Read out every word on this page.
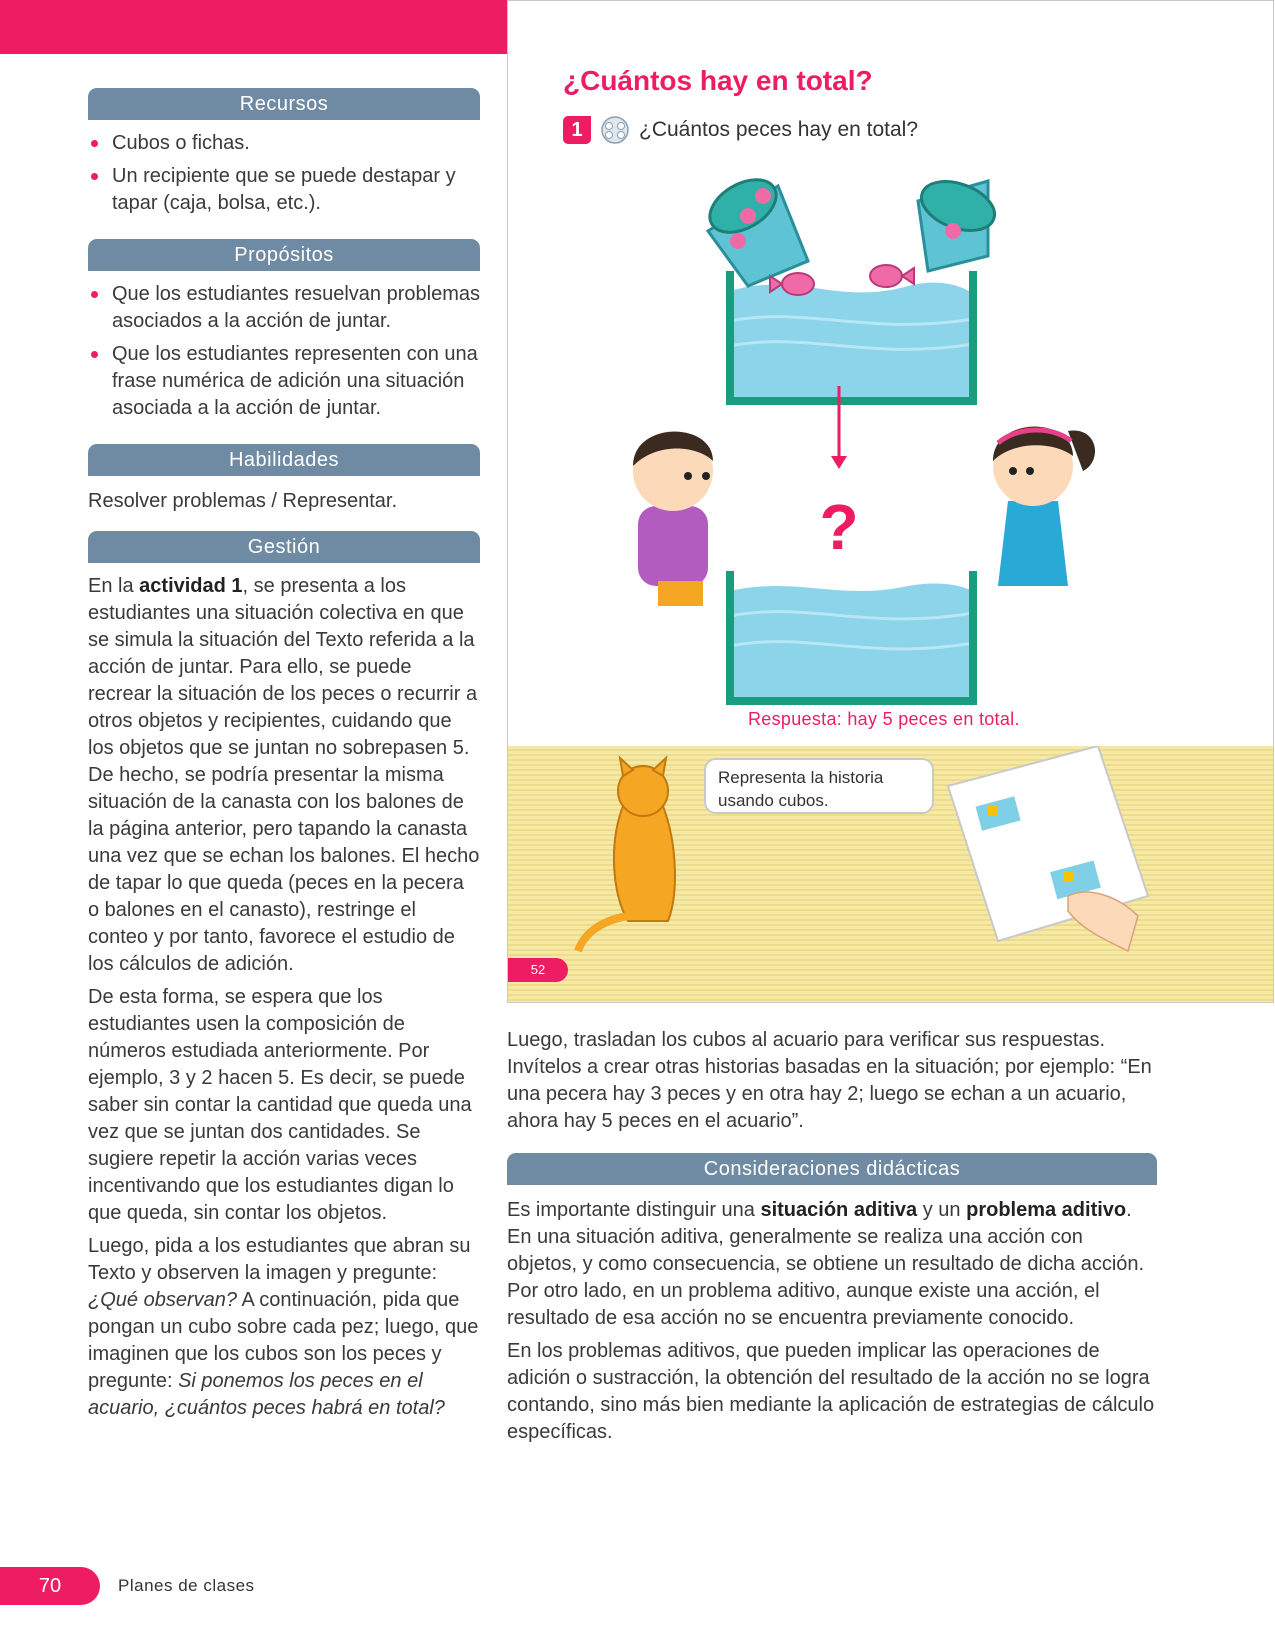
Recursos
Cubos o fichas.
Un recipiente que se puede destapar y tapar (caja, bolsa, etc.).
Propósitos
Que los estudiantes resuelvan problemas asociados a la acción de juntar.
Que los estudiantes representen con una frase numérica de adición una situación asociada a la acción de juntar.
Habilidades

Resolver problemas / Representar.

Gestión

En la actividad 1, se presenta a los estudiantes una situación colectiva en que se simula la situación del Texto referida a la acción de juntar. Para ello, se puede recrear la situación de los peces o recurrir a otros objetos y recipientes, cuidando que los objetos que se juntan no sobrepasen 5. De hecho, se podría presentar la misma situación de la canasta con los balones de la página anterior, pero tapando la canasta una vez que se echan los balones. El hecho de tapar lo que queda (peces en la pecera o balones en el canasto), restringe el conteo y por tanto, favorece el estudio de los cálculos de adición.

De esta forma, se espera que los estudiantes usen la composición de números estudiada anteriormente. Por ejemplo, 3 y 2 hacen 5. Es decir, se puede saber sin contar la cantidad que queda una vez que se juntan dos cantidades. Se sugiere repetir la acción varias veces incentivando que los estudiantes digan lo que queda, sin contar los objetos.

Luego, pida a los estudiantes que abran su Texto y observen la imagen y pregunte: ¿Qué observan? A continuación, pida que pongan un cubo sobre cada pez; luego, que imaginen que los cubos son los peces y pregunte: Si ponemos los peces en el acuario, ¿cuántos peces habrá en total?

¿Cuántos hay en total?
1	¿Cuántos peces hay en total?
?
Respuesta: hay 5 peces en total.
Representa la historia usando cubos.
52

Luego, trasladan los cubos al acuario para verificar sus respuestas. Invítelos a crear otras historias basadas en la situación; por ejemplo: “En una pecera hay 3 peces y en otra hay 2; luego se echan a un acuario, ahora hay 5 peces en el acuario”.

Consideraciones didácticas

Es importante distinguir una situación aditiva y un problema aditivo. En una situación aditiva, generalmente se realiza una acción con objetos, y como consecuencia, se obtiene un resultado de dicha acción. Por otro lado, en un problema aditivo, aunque existe una acción, el resultado de esa acción no se encuentra previamente conocido.

En los problemas aditivos, que pueden implicar las operaciones de adición o sustracción, la obtención del resultado de la acción no se logra contando, sino más bien mediante la aplicación de estrategias de cálculo específicas.

70	Planes de clases
